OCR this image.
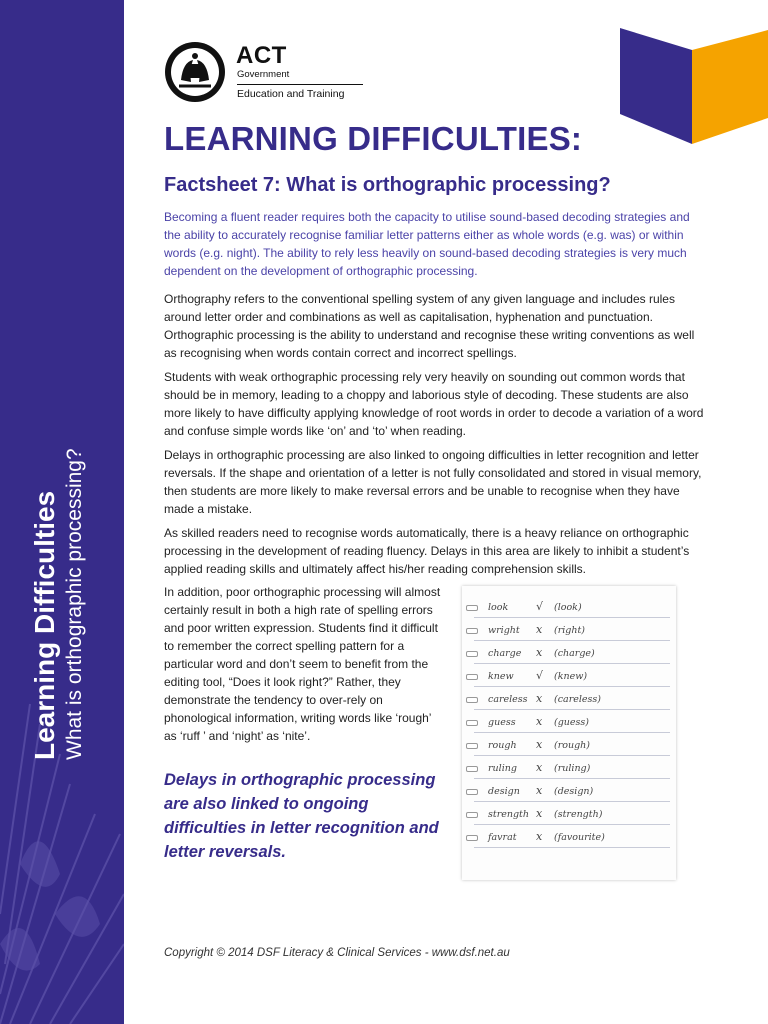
Learning Difficulties What is orthographic processing?
ACT
Government
Education and Training
LEARNING DIFFICULTIES:
Factsheet 7: What is orthographic processing?

Becoming a fluent reader requires both the capacity to utilise sound-based decoding strategies and the ability to accurately recognise familiar letter patterns either as whole words (e.g. was) or within words (e.g. night). The ability to rely less heavily on sound-based decoding strategies is very much dependent on the development of orthographic processing.

Orthography refers to the conventional spelling system of any given language and includes rules around letter order and combinations as well as capitalisation, hyphenation and punctuation. Orthographic processing is the ability to understand and recognise these writing conventions as well as recognising when words contain correct and incorrect spellings.

Students with weak orthographic processing rely very heavily on sounding out common words that should be in memory, leading to a choppy and laborious style of decoding. These students are also more likely to have difficulty applying knowledge of root words in order to decode a variation of a word and confuse simple words like ‘on’ and ‘to’ when reading.

Delays in orthographic processing are also linked to ongoing difficulties in letter recognition and letter reversals. If the shape and orientation of a letter is not fully consolidated and stored in visual memory, then students are more likely to make reversal errors and be unable to recognise when they have made a mistake.

As skilled readers need to recognise words automatically, there is a heavy reliance on orthographic processing in the development of reading fluency. Delays in this area are likely to inhibit a student’s applied reading skills and ultimately affect his/her reading comprehension skills.

In addition, poor orthographic processing will almost certainly result in both a high rate of spelling errors and poor written expression. Students find it difficult to remember the correct spelling pattern for a particular word and don’t seem to benefit from the editing tool, “Does it look right?” Rather, they demonstrate the tendency to over-rely on phonological information, writing words like ‘rough’ as ‘ruff ’ and ‘night’ as ‘nite’.

Delays in orthographic processing are also linked to ongoing difficulties in letter recognition and letter reversals.

look	√ (look)
wright x (right)
charge x (charge)
knew √ (knew)
careless x (careless)
guess x (guess)
rough x (rough)
ruling x (ruling)
design x (design)
strength x (strength)
favrat x (favourite)

Copyright © 2014 DSF Literacy & Clinical Services - www.dsf.net.au
